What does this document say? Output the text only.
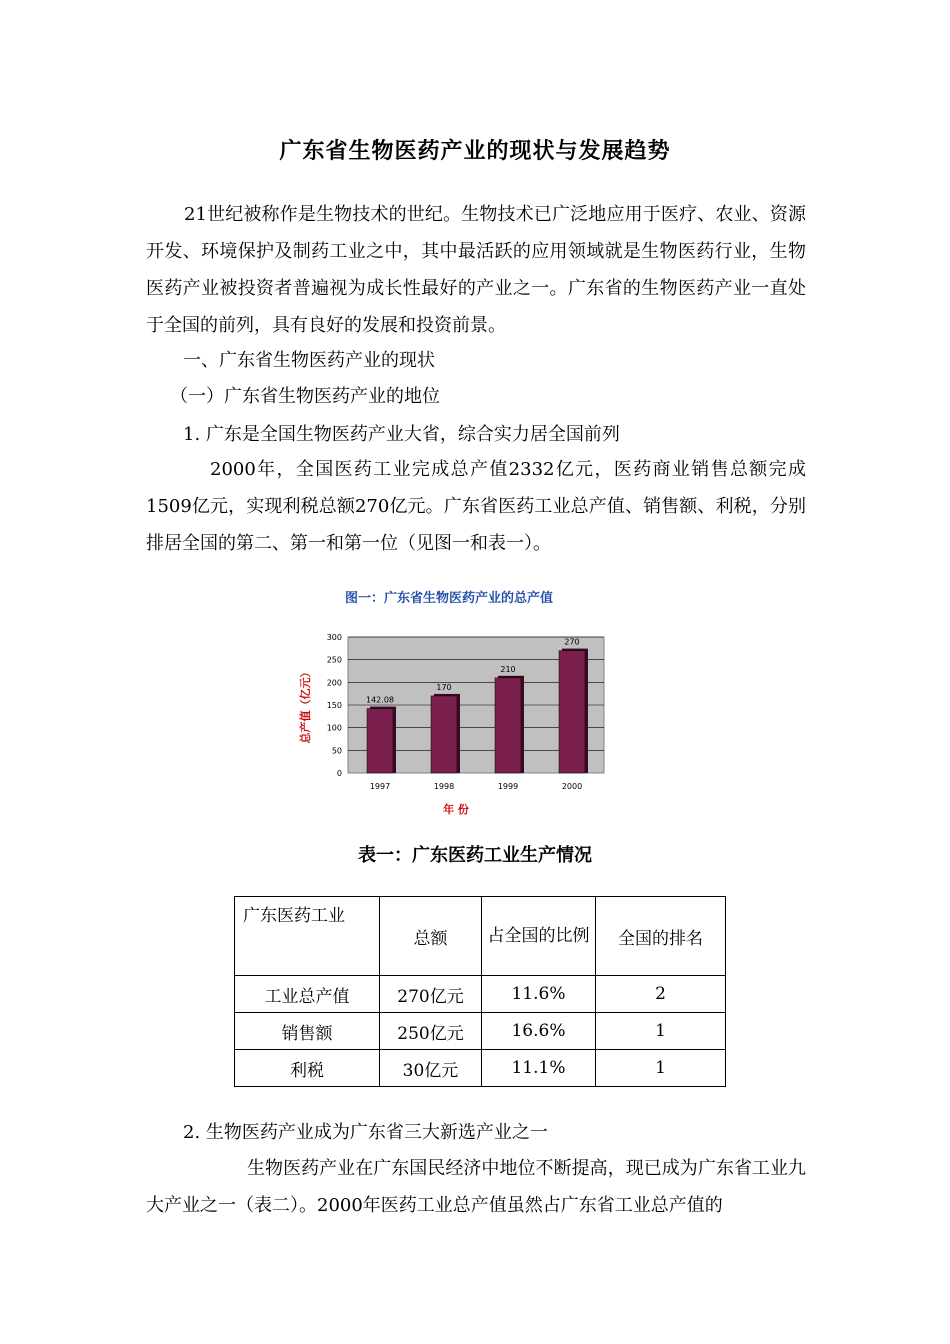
广东省生物医药产业的现状与发展趋势
21世纪被称作是生物技术的世纪。生物技术已广泛地应用于医疗、农业、资源开发、环境保护及制药工业之中，其中最活跃的应用领域就是生物医药行业，生物医药产业被投资者普遍视为成长性最好的产业之一。广东省的生物医药产业一直处于全国的前列，具有良好的发展和投资前景。
一、广东省生物医药产业的现状
（一）广东省生物医药产业的地位
1. 广东是全国生物医药产业大省，综合实力居全国前列
2000年，全国医药工业完成总产值2332亿元，医药商业销售总额完成1509亿元，实现利税总额270亿元。广东省医药工业总产值、销售额、利税，分别排居全国的第二、第一和第一位（见图一和表一）。
图一：广东省生物医药产业的总产值
0
50
100
150
200
250
300
142.08
1997
170
1998
210
1999
270
2000
年 份
总产值（亿元）
表一：广东医药工业生产情况
广东医药工业	总额	占全国的比例	全国的排名
工业总产值	270亿元	11.6%	2
销售额	250亿元	16.6%	1
利税	30亿元	11.1%	1
2. 生物医药产业成为广东省三大新选产业之一
生物医药产业在广东国民经济中地位不断提高，现已成为广东省工业九大产业之一（表二）。2000年医药工业总产值虽然占广东省工业总产值的
